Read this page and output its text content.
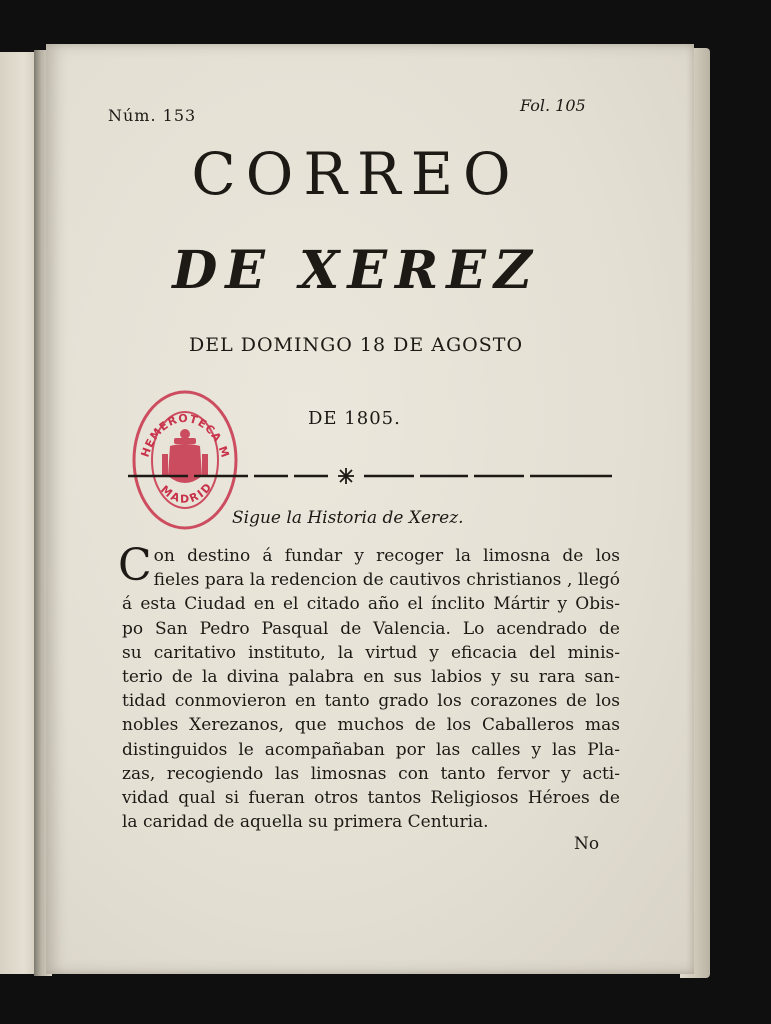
Núm. 153
Fol. 105
CORREO
DE XEREZ
DEL DOMINGO 18 DE AGOSTO
DE 1805.
HEMEROTECA M
MADRID
Sigue la Historia de Xerez.
C on destino á fundar y recoger la limosna de los
fieles para la redencion de cautivos christianos , llegó
á esta Ciudad en el citado año el ínclito Mártir y Obis-
po San Pedro Pasqual de Valencia. Lo acendrado de
su caritativo instituto, la virtud y eficacia del minis-
terio de la divina palabra en sus labios y su rara san-
tidad conmovieron en tanto grado los corazones de los
nobles Xerezanos, que muchos de los Caballeros mas
distinguidos le acompañaban por las calles y las Pla-
zas, recogiendo las limosnas con tanto fervor y acti-
vidad qual si fueran otros tantos Religiosos Héroes de
la caridad de aquella su primera Centuria.
No
